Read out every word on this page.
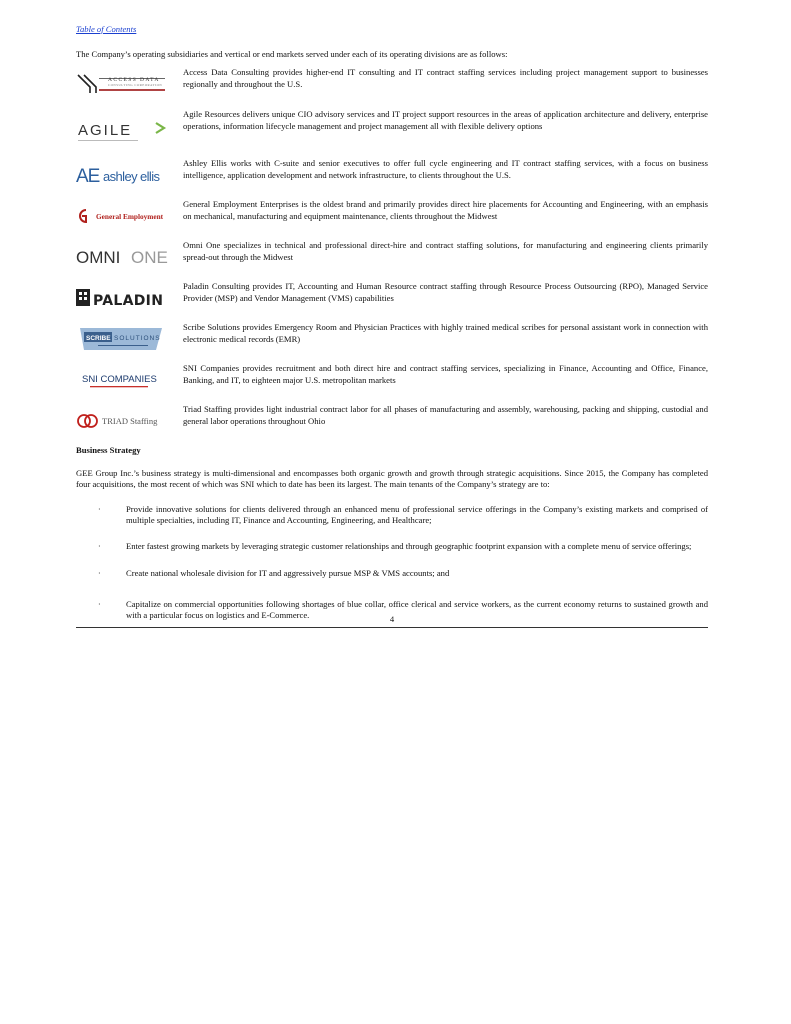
Table of Contents
The Company’s operating subsidiaries and vertical or end markets served under each of its operating divisions are as follows:
ACCESS DATA
CONSULTING CORPORATION
Access Data Consulting provides higher-end IT consulting and IT contract staffing services including project management support to businesses regionally and throughout the U.S.
AGILE
Agile Resources delivers unique CIO advisory services and IT project support resources in the areas of application architecture and delivery, enterprise operations, information lifecycle management and project management all with flexible delivery options
AE ashley ellis
Ashley Ellis works with C-suite and senior executives to offer full cycle engineering and IT contract staffing services, with a focus on business intelligence, application development and network infrastructure, to clients throughout the U.S.
General Employment
General Employment Enterprises is the oldest brand and primarily provides direct hire placements for Accounting and Engineering, with an emphasis on mechanical, manufacturing and equipment maintenance, clients throughout the Midwest
OMNI ONE
Omni One specializes in technical and professional direct-hire and contract staffing solutions, for manufacturing and engineering clients primarily spread-out through the Midwest
PALADIN
Paladin Consulting provides IT, Accounting and Human Resource contract staffing through Resource Process Outsourcing (RPO), Managed Service Provider (MSP) and Vendor Management (VMS) capabilities
SCRIBE SOLUTIONS
Scribe Solutions provides Emergency Room and Physician Practices with highly trained medical scribes for personal assistant work in connection with electronic medical records (EMR)
SNI COMPANIES
SNI Companies provides recruitment and both direct hire and contract staffing services, specializing in Finance, Accounting and Office, Finance, Banking, and IT, to eighteen major U.S. metropolitan markets
TRIAD Staffing
Triad Staffing provides light industrial contract labor for all phases of manufacturing and assembly, warehousing, packing and shipping, custodial and general labor operations throughout Ohio
Business Strategy
GEE Group Inc.’s business strategy is multi-dimensional and encompasses both organic growth and growth through strategic acquisitions. Since 2015, the Company has completed four acquisitions, the most recent of which was SNI which to date has been its largest. The main tenants of the Company’s strategy are to:
·	Provide innovative solutions for clients delivered through an enhanced menu of professional service offerings in the Company’s existing markets and comprised of multiple specialties, including IT, Finance and Accounting, Engineering, and Healthcare;
·	Enter fastest growing markets by leveraging strategic customer relationships and through geographic footprint expansion with a complete menu of service offerings;
·	Create national wholesale division for IT and aggressively pursue MSP & VMS accounts; and
·	Capitalize on commercial opportunities following shortages of blue collar, office clerical and service workers, as the current economy returns to sustained growth and with a particular focus on logistics and E-Commerce.	4
